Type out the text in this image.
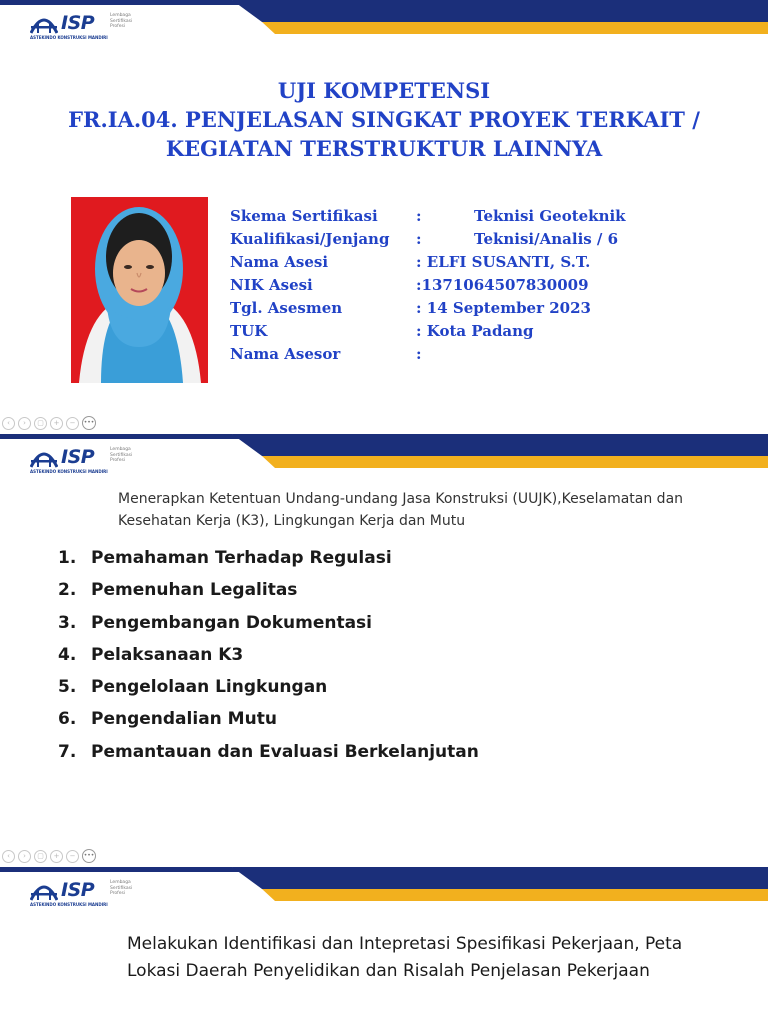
ISP	Lembaga
Sertifikasi
Profesi
ASTEKINDO KONSTRUKSI MANDIRI
UJI KOMPETENSI
FR.IA.04. PENJELASAN SINGKAT PROYEK TERKAIT /
KEGIATAN TERSTRUKTUR LAINNYA
Skema Sertifikasi	:	Teknisi Geoteknik
Kualifikasi/Jenjang :	Teknisi/Analis / 6
Nama Asesi	: ELFI SUSANTI, S.T.
NIK Asesi	:1371064507830009
Tgl. Asesmen	: 14 September 2023
TUK	: Kota Padang
Nama Asesor	:
‹	›	▢	+	−	•••
ISP	Lembaga
Sertifikasi
Profesi
ASTEKINDO KONSTRUKSI MANDIRI
Menerapkan Ketentuan Undang-undang Jasa Konstruksi (UUJK),Keselamatan dan Kesehatan Kerja (K3), Lingkungan Kerja dan Mutu
1. Pemahaman Terhadap Regulasi
2. Pemenuhan Legalitas
3. Pengembangan Dokumentasi
4. Pelaksanaan K3
5. Pengelolaan Lingkungan
6. Pengendalian Mutu
7. Pemantauan dan Evaluasi Berkelanjutan
‹	›	▢	+	−	•••
ISP	Lembaga
Sertifikasi
Profesi
ASTEKINDO KONSTRUKSI MANDIRI
Melakukan Identifikasi dan Intepretasi Spesifikasi Pekerjaan, Peta Lokasi Daerah Penyelidikan dan Risalah Penjelasan Pekerjaan
